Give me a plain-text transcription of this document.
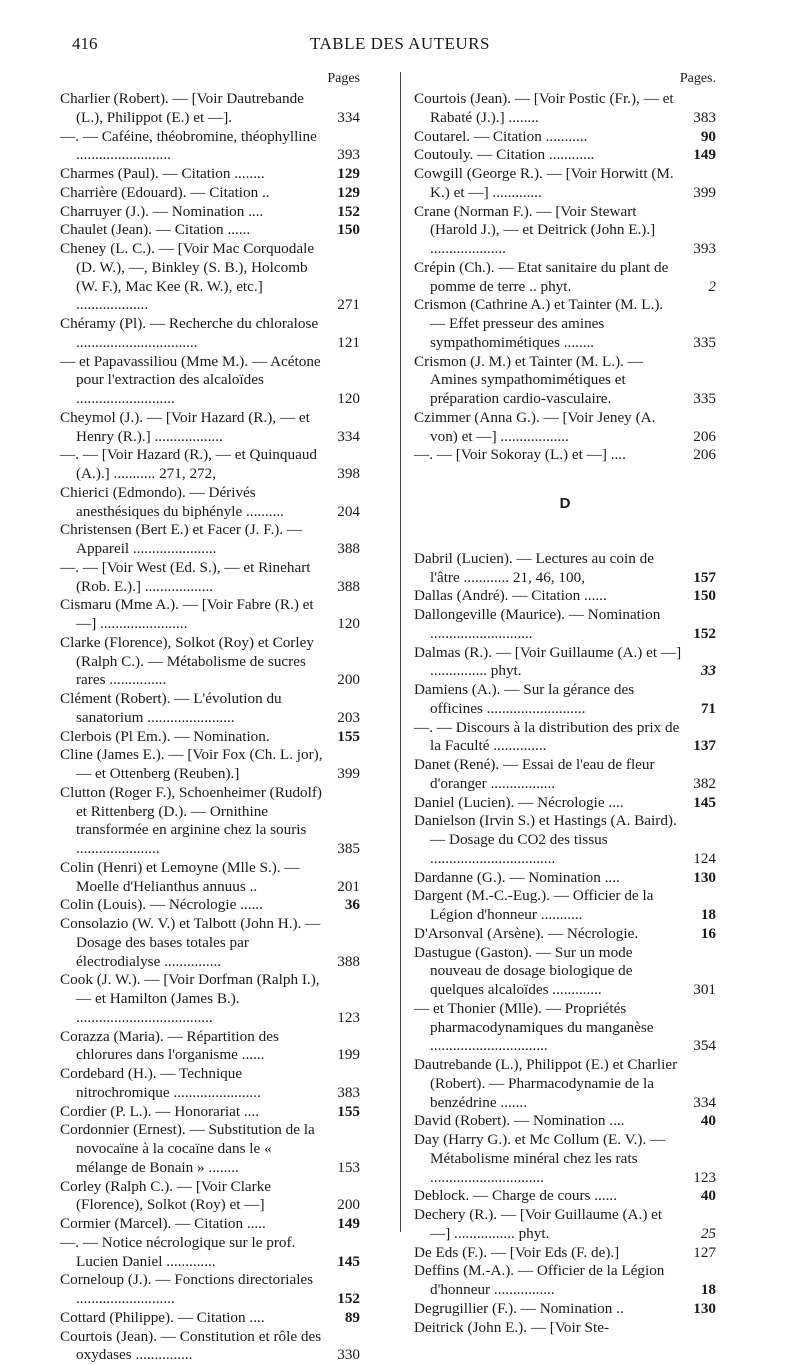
416	TABLE DES AUTEURS
Pages
Charlier (Robert). — [Voir Dautrebande (L.), Philippot (E.) et —].	334
—. — Caféine, théobromine, théophylline .........................	393
Charmes (Paul). — Citation ........	129
Charrière (Edouard). — Citation ..	129
Charruyer (J.). — Nomination ....	152
Chaulet (Jean). — Citation ......	150
Cheney (L. C.). — [Voir Mac Corquodale (D. W.), —, Binkley (S. B.), Holcomb (W. F.), Mac Kee (R. W.), etc.] ...................	271
Chéramy (Pl). — Recherche du chloralose ................................	121
— et Papavassiliou (Mme M.). — Acétone pour l'extraction des alcaloïdes ..........................	120
Cheymol (J.). — [Voir Hazard (R.), — et Henry (R.).] ..................	334
—. — [Voir Hazard (R.), — et Quinquaud (A.).] ........... 271, 272,	398
Chierici (Edmondo). — Dérivés anesthésiques du biphényle ..........	204
Christensen (Bert E.) et Facer (J. F.). — Appareil ......................	388
—. — [Voir West (Ed. S.), — et Rinehart (Rob. E.).] ..................	388
Cismaru (Mme A.). — [Voir Fabre (R.) et —] .......................	120
Clarke (Florence), Solkot (Roy) et Corley (Ralph C.). — Métabolisme de sucres rares ...............	200
Clément (Robert). — L'évolution du sanatorium .......................	203
Clerbois (Pl Em.). — Nomination.	155
Cline (James E.). — [Voir Fox (Ch. L. jor), — et Ottenberg (Reuben).]	399
Clutton (Roger F.), Schoenheimer (Rudolf) et Rittenberg (D.). — Ornithine transformée en arginine chez la souris ......................	385
Colin (Henri) et Lemoyne (Mlle S.). — Moelle d'Helianthus annuus ..	201
Colin (Louis). — Nécrologie ......	36
Consolazio (W. V.) et Talbott (John H.). — Dosage des bases totales par électrodialyse ...............	388
Cook (J. W.). — [Voir Dorfman (Ralph I.), — et Hamilton (James B.). ....................................	123
Corazza (Maria). — Répartition des chlorures dans l'organisme ......	199
Cordebard (H.). — Technique nitrochromique .......................	383
Cordier (P. L.). — Honorariat ....	155
Cordonnier (Ernest). — Substitution de la novocaïne à la cocaïne dans le « mélange de Bonain » ........	153
Corley (Ralph C.). — [Voir Clarke (Florence), Solkot (Roy) et —]	200
Cormier (Marcel). — Citation .....	149
—. — Notice nécrologique sur le prof. Lucien Daniel .............	145
Corneloup (J.). — Fonctions directoriales ..........................	152
Cottard (Philippe). — Citation ....	89
Courtois (Jean). — Constitution et rôle des oxydases ...............	330
Pages.
Courtois (Jean). — [Voir Postic (Fr.), — et Rabaté (J.).] ........	383
Coutarel. — Citation ...........	90
Coutouly. — Citation ............	149
Cowgill (George R.). — [Voir Horwitt (M. K.) et —] .............	399
Crane (Norman F.). — [Voir Stewart (Harold J.), — et Deitrick (John E.).] ....................	393
Crépin (Ch.). — Etat sanitaire du plant de pomme de terre .. phyt.	2
Crismon (Cathrine A.) et Tainter (M. L.). — Effet presseur des amines sympathomimétiques ........	335
Crismon (J. M.) et Tainter (M. L.). — Amines sympathomimétiques et préparation cardio-vasculaire.	335
Czimmer (Anna G.). — [Voir Jeney (A. von) et —] ..................	206
—. — [Voir Sokoray (L.) et —] ....	206
D
Dabril (Lucien). — Lectures au coin de l'âtre ............ 21, 46, 100,	157
Dallas (André). — Citation ......	150
Dallongeville (Maurice). — Nomination ...........................	152
Dalmas (R.). — [Voir Guillaume (A.) et —] ............... phyt.	33
Damiens (A.). — Sur la gérance des officines ..........................	71
—. — Discours à la distribution des prix de la Faculté ..............	137
Danet (René). — Essai de l'eau de fleur d'oranger .................	382
Daniel (Lucien). — Nécrologie ....	145
Danielson (Irvin S.) et Hastings (A. Baird). — Dosage du CO2 des tissus .................................	124
Dardanne (G.). — Nomination ....	130
Dargent (M.-C.-Eug.). — Officier de la Légion d'honneur ...........	18
D'Arsonval (Arsène). — Nécrologie.	16
Dastugue (Gaston). — Sur un mode nouveau de dosage biologique de quelques alcaloïdes .............	301
— et Thonier (Mlle). — Propriétés pharmacodynamiques du manganèse ...............................	354
Dautrebande (L.), Philippot (E.) et Charlier (Robert). — Pharmacodynamie de la benzédrine .......	334
David (Robert). — Nomination ....	40
Day (Harry G.). et Mc Collum (E. V.). — Métabolisme minéral chez les rats ..............................	123
Deblock. — Charge de cours ......	40
Dechery (R.). — [Voir Guillaume (A.) et —] ................ phyt.	25
De Eds (F.). — [Voir Eds (F. de).]	127
Deffins (M.-A.). — Officier de la Légion d'honneur ................	18
Degrugillier (F.). — Nomination ..	130
Deitrick (John E.). — [Voir Ste-
